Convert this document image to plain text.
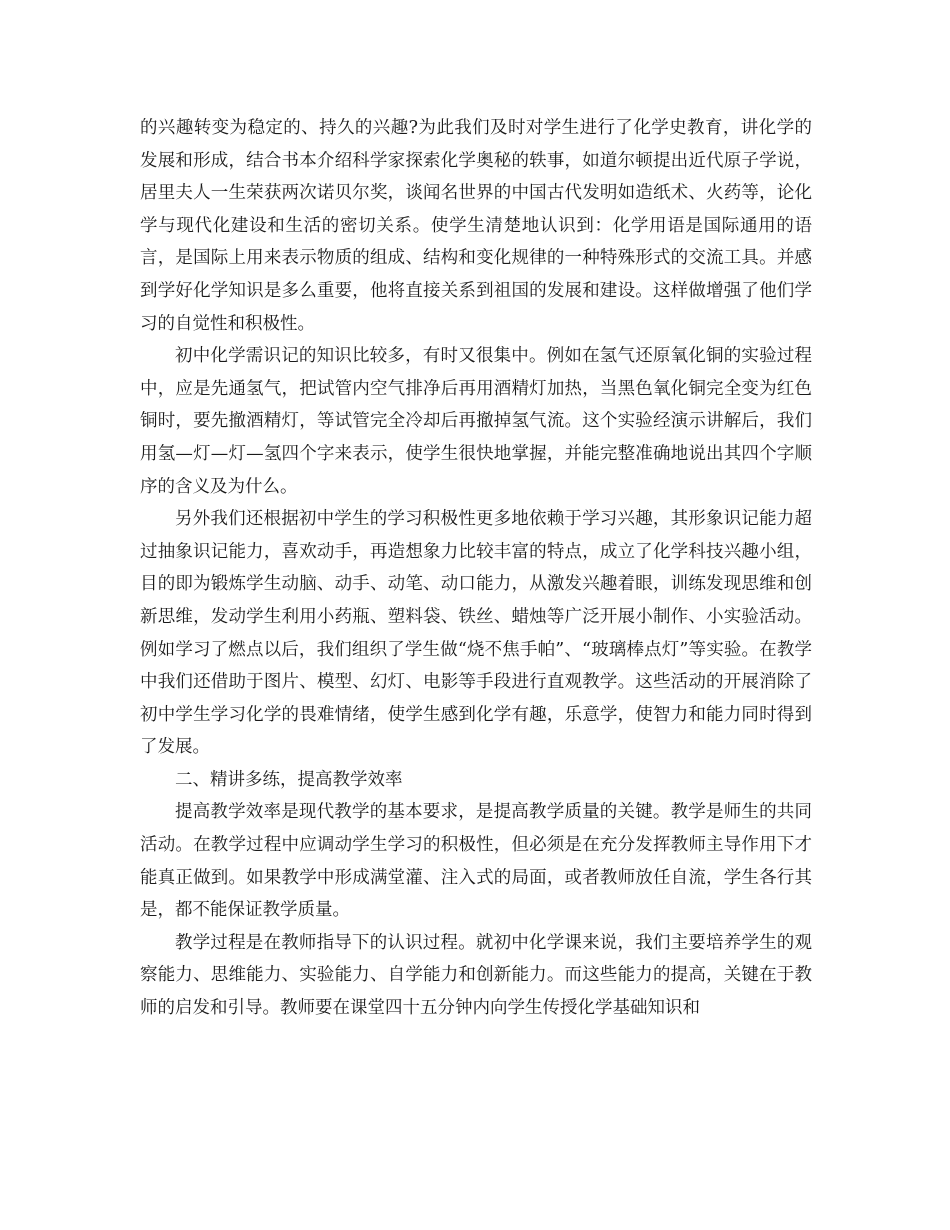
的兴趣转变为稳定的、持久的兴趣?为此我们及时对学生进行了化学史教育，讲化学的发展和形成，结合书本介绍科学家探索化学奥秘的轶事，如道尔顿提出近代原子学说，居里夫人一生荣获两次诺贝尔奖，谈闻名世界的中国古代发明如造纸术、火药等，论化学与现代化建设和生活的密切关系。使学生清楚地认识到：化学用语是国际通用的语言，是国际上用来表示物质的组成、结构和变化规律的一种特殊形式的交流工具。并感到学好化学知识是多么重要，他将直接关系到祖国的发展和建设。这样做增强了他们学习的自觉性和积极性。

初中化学需识记的知识比较多，有时又很集中。例如在氢气还原氧化铜的实验过程中，应是先通氢气，把试管内空气排净后再用酒精灯加热，当黑色氧化铜完全变为红色铜时，要先撤酒精灯，等试管完全冷却后再撤掉氢气流。这个实验经演示讲解后，我们用氢—灯—灯—氢四个字来表示，使学生很快地掌握，并能完整准确地说出其四个字顺序的含义及为什么。

另外我们还根据初中学生的学习积极性更多地依赖于学习兴趣，其形象识记能力超过抽象识记能力，喜欢动手，再造想象力比较丰富的特点，成立了化学科技兴趣小组，目的即为锻炼学生动脑、动手、动笔、动口能力，从激发兴趣着眼，训练发现思维和创新思维，发动学生利用小药瓶、塑料袋、铁丝、蜡烛等广泛开展小制作、小实验活动。例如学习了燃点以后，我们组织了学生做“烧不焦手帕”、“玻璃棒点灯”等实验。在教学中我们还借助于图片、模型、幻灯、电影等手段进行直观教学。这些活动的开展消除了初中学生学习化学的畏难情绪，使学生感到化学有趣，乐意学，使智力和能力同时得到了发展。

二、精讲多练，提高教学效率

提高教学效率是现代教学的基本要求，是提高教学质量的关键。教学是师生的共同活动。在教学过程中应调动学生学习的积极性，但必须是在充分发挥教师主导作用下才能真正做到。如果教学中形成满堂灌、注入式的局面，或者教师放任自流，学生各行其是，都不能保证教学质量。

教学过程是在教师指导下的认识过程。就初中化学课来说，我们主要培养学生的观察能力、思维能力、实验能力、自学能力和创新能力。而这些能力的提高，关键在于教师的启发和引导。教师要在课堂四十五分钟内向学生传授化学基础知识和
